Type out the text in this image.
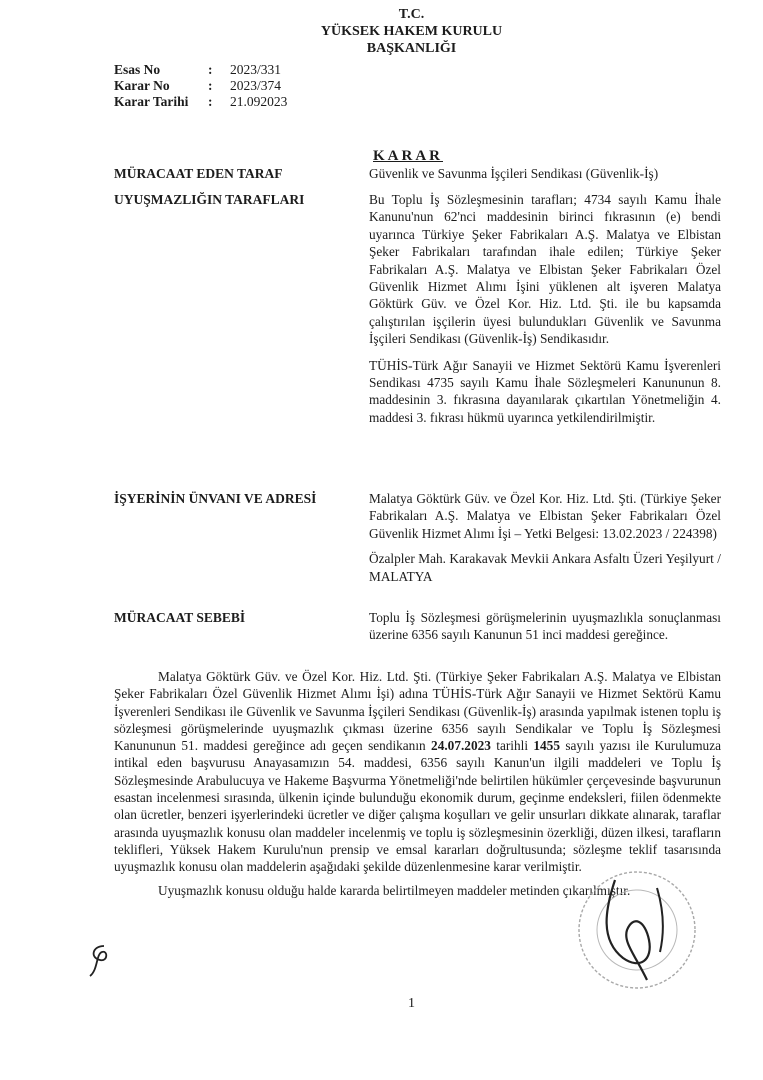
T.C.
YÜKSEK HAKEM KURULU
BAŞKANLIĞI
Esas No	:	2023/331
Karar No	:	2023/374
Karar Tarihi	:	21.092023
KARAR
MÜRACAAT EDEN TARAF	Güvenlik ve Savunma İşçileri Sendikası (Güvenlik-İş)
UYUŞMAZLIĞIN TARAFLARI	Bu Toplu İş Sözleşmesinin tarafları; 4734 sayılı Kamu İhale Kanunu'nun 62'nci maddesinin birinci fıkrasının (e) bendi uyarınca Türkiye Şeker Fabrikaları A.Ş. Malatya ve Elbistan Şeker Fabrikaları tarafından ihale edilen; Türkiye Şeker Fabrikaları A.Ş. Malatya ve Elbistan Şeker Fabrikaları Özel Güvenlik Hizmet Alımı İşini yüklenen alt işveren Malatya Göktürk Güv. ve Özel Kor. Hiz. Ltd. Şti. ile bu kapsamda çalıştırılan işçilerin üyesi bulundukları Güvenlik ve Savunma İşçileri Sendikası (Güvenlik-İş) Sendikasıdır.

TÜHİS-Türk Ağır Sanayii ve Hizmet Sektörü Kamu İşverenleri Sendikası 4735 sayılı Kamu İhale Sözleşmeleri Kanununun 8. maddesinin 3. fıkrasına dayanılarak çıkartılan Yönetmeliğin 4. maddesi 3. fıkrası hükmü uyarınca yetkilendirilmiştir.

İŞYERİNİN ÜNVANI VE ADRESİ	Malatya Göktürk Güv. ve Özel Kor. Hiz. Ltd. Şti. (Türkiye Şeker Fabrikaları A.Ş. Malatya ve Elbistan Şeker Fabrikaları Özel Güvenlik Hizmet Alımı İşi – Yetki Belgesi: 13.02.2023 / 224398)

Özalpler Mah. Karakavak Mevkii Ankara Asfaltı Üzeri Yeşilyurt / MALATYA

MÜRACAAT SEBEBİ	Toplu İş Sözleşmesi görüşmelerinin uyuşmazlıkla sonuçlanması üzerine 6356 sayılı Kanunun 51 inci maddesi gereğince.

Malatya Göktürk Güv. ve Özel Kor. Hiz. Ltd. Şti. (Türkiye Şeker Fabrikaları A.Ş. Malatya ve Elbistan Şeker Fabrikaları Özel Güvenlik Hizmet Alımı İşi) adına TÜHİS-Türk Ağır Sanayii ve Hizmet Sektörü Kamu İşverenleri Sendikası ile Güvenlik ve Savunma İşçileri Sendikası (Güvenlik-İş) arasında yapılmak istenen toplu iş sözleşmesi görüşmelerinde uyuşmazlık çıkması üzerine 6356 sayılı Sendikalar ve Toplu İş Sözleşmesi Kanununun 51. maddesi gereğince adı geçen sendikanın 24.07.2023 tarihli 1455 sayılı yazısı ile Kurulumuza intikal eden başvurusu Anayasamızın 54. maddesi, 6356 sayılı Kanun'un ilgili maddeleri ve Toplu İş Sözleşmesinde Arabulucuya ve Hakeme Başvurma Yönetmeliği'nde belirtilen hükümler çerçevesinde başvurunun esastan incelenmesi sırasında, ülkenin içinde bulunduğu ekonomik durum, geçinme endeksleri, fiilen ödenmekte olan ücretler, benzeri işyerlerindeki ücretler ve diğer çalışma koşulları ve gelir unsurları dikkate alınarak, taraflar arasında uyuşmazlık konusu olan maddeler incelenmiş ve toplu iş sözleşmesinin özerkliği, düzen ilkesi, tarafların teklifleri, Yüksek Hakem Kurulu'nun prensip ve emsal kararları doğrultusunda; sözleşme teklif tasarısında uyuşmazlık konusu olan maddelerin aşağıdaki şekilde düzenlenmesine karar verilmiştir.

Uyuşmazlık konusu olduğu halde kararda belirtilmeyen maddeler metinden çıkarılmıştır.

1
